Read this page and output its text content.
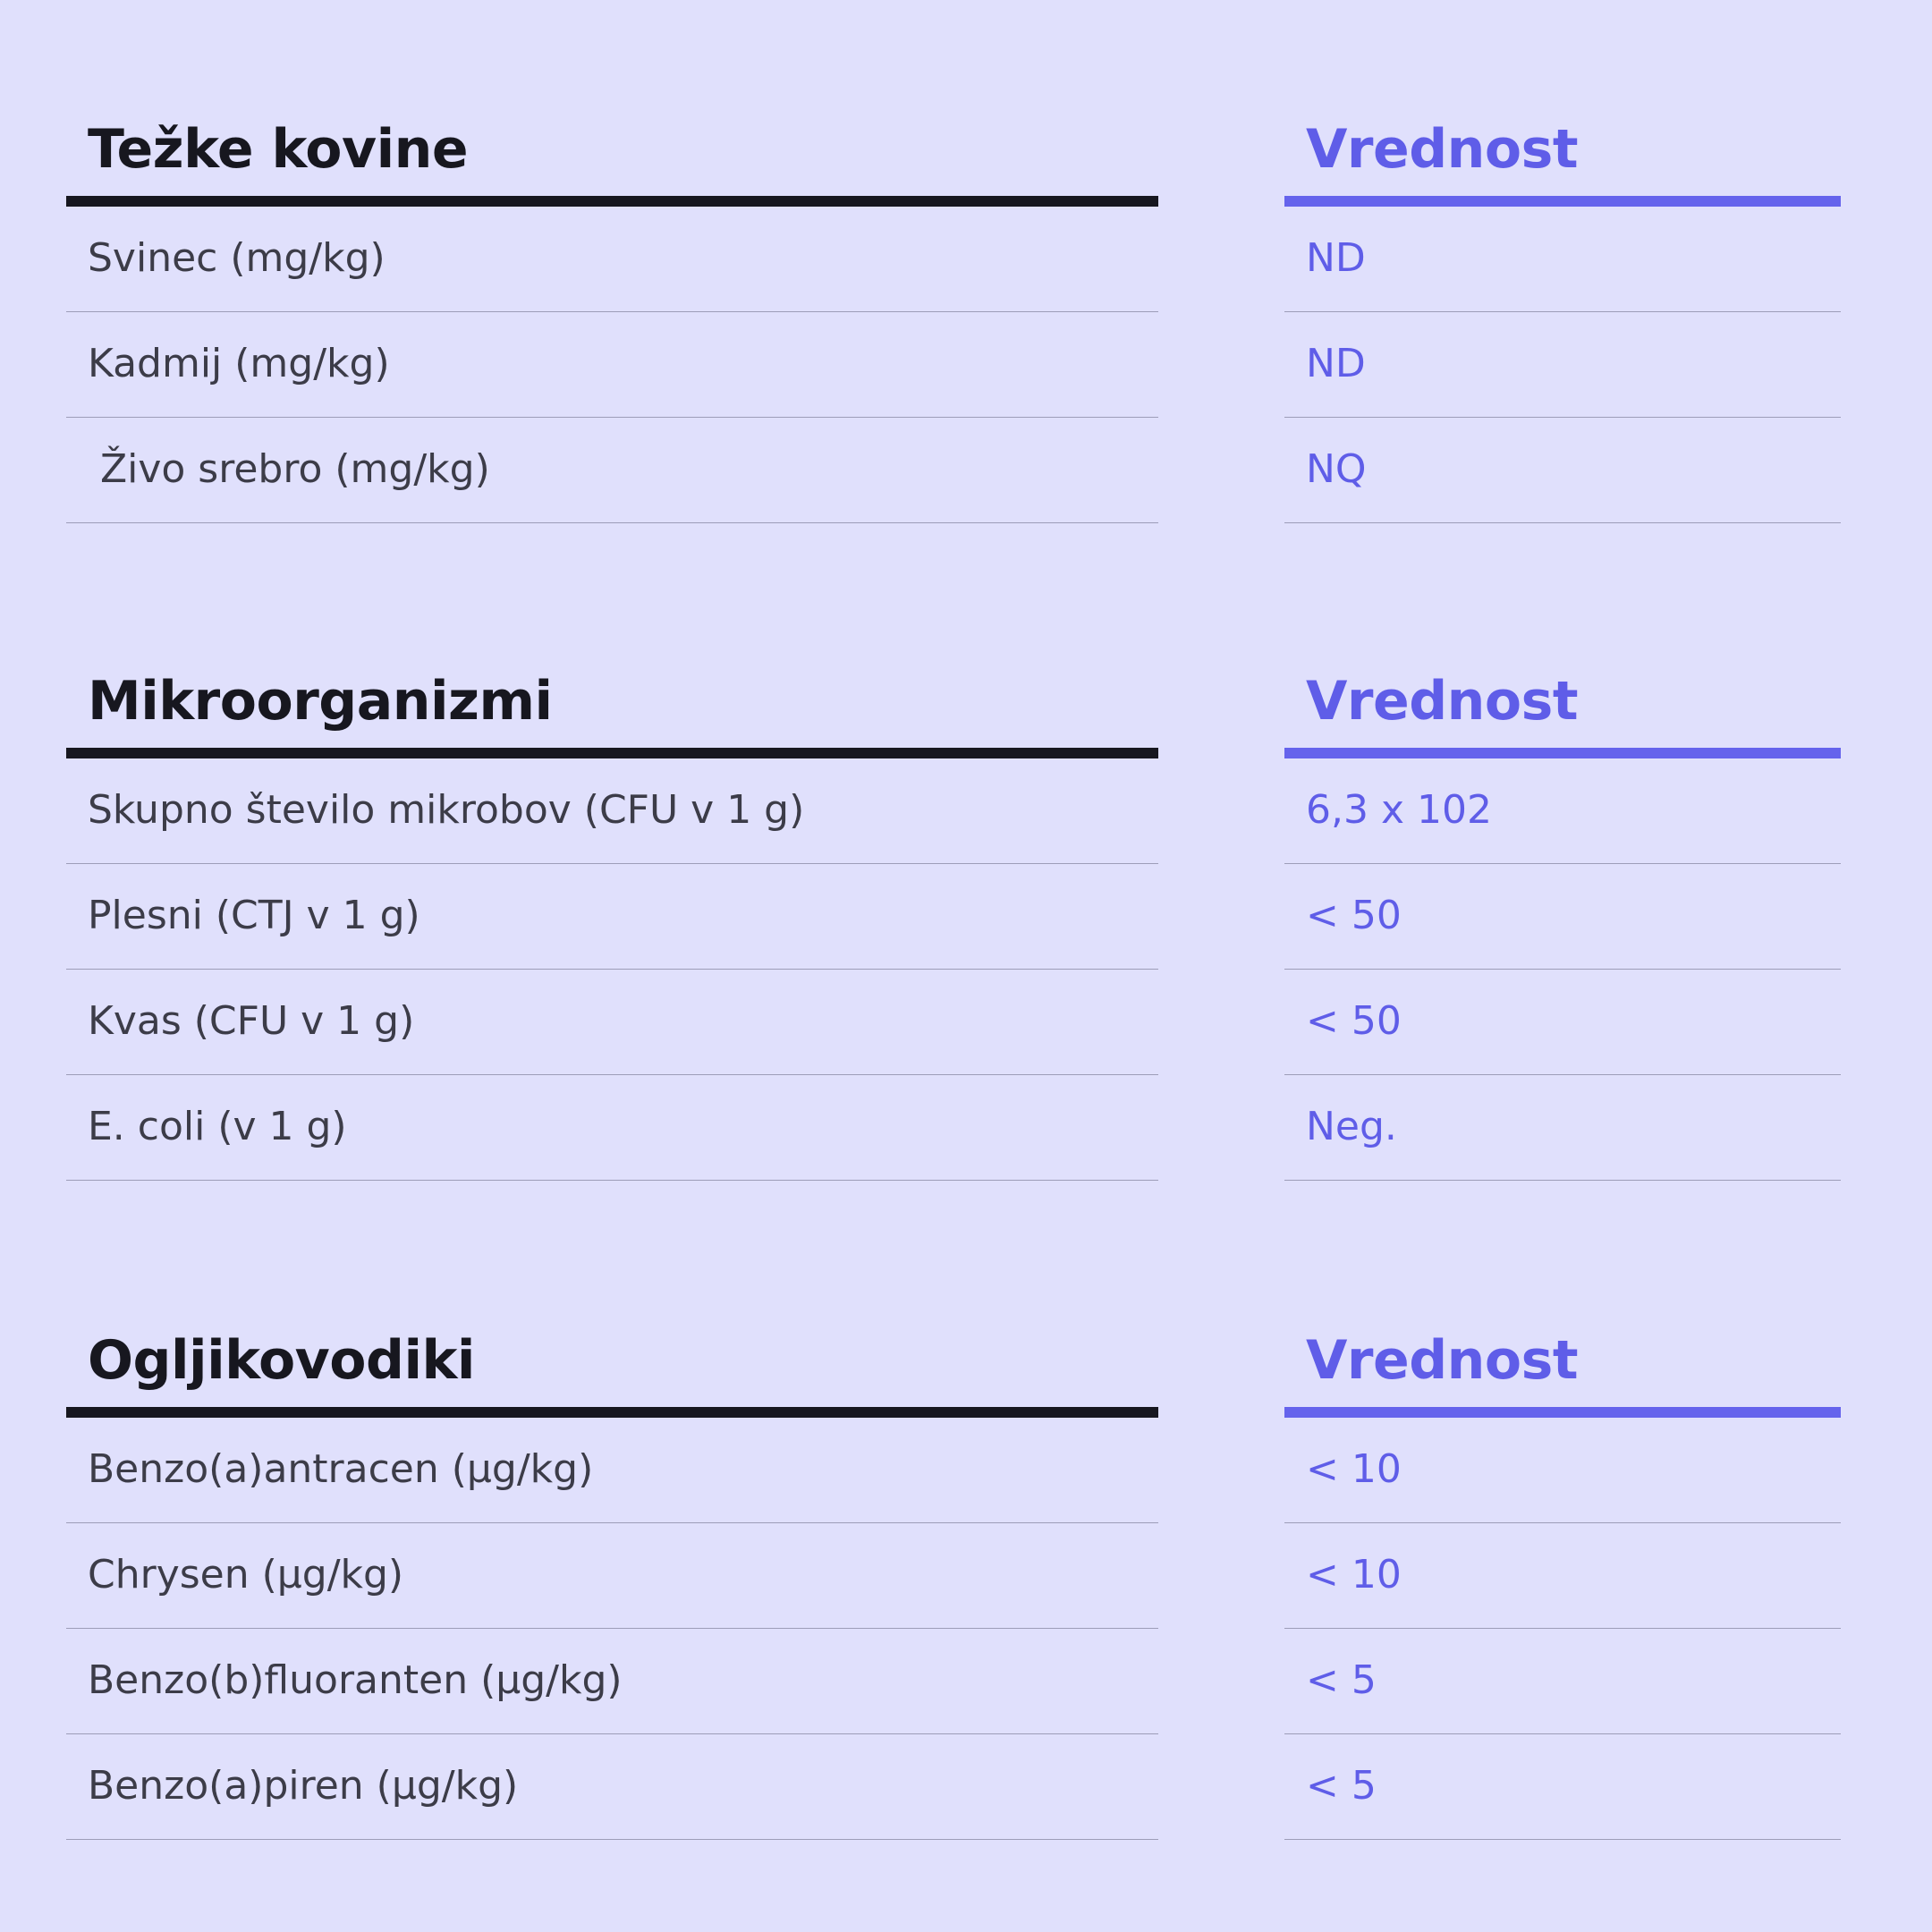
Težke kovine
Svinec (mg/kg)
Kadmij (mg/kg)
Živo srebro (mg/kg)
Vrednost
ND
ND
NQ
Mikroorganizmi
Skupno število mikrobov (CFU v 1 g)
Plesni (CTJ v 1 g)
Kvas (CFU v 1 g)
E. coli (v 1 g)
Vrednost
6,3 x 102
< 50
< 50
Neg.
Ogljikovodiki
Benzo(a)antracen (μg/kg)
Chrysen (μg/kg)
Benzo(b)fluoranten (μg/kg)
Benzo(a)piren (μg/kg)
Vrednost
< 10
< 10
< 5
< 5
